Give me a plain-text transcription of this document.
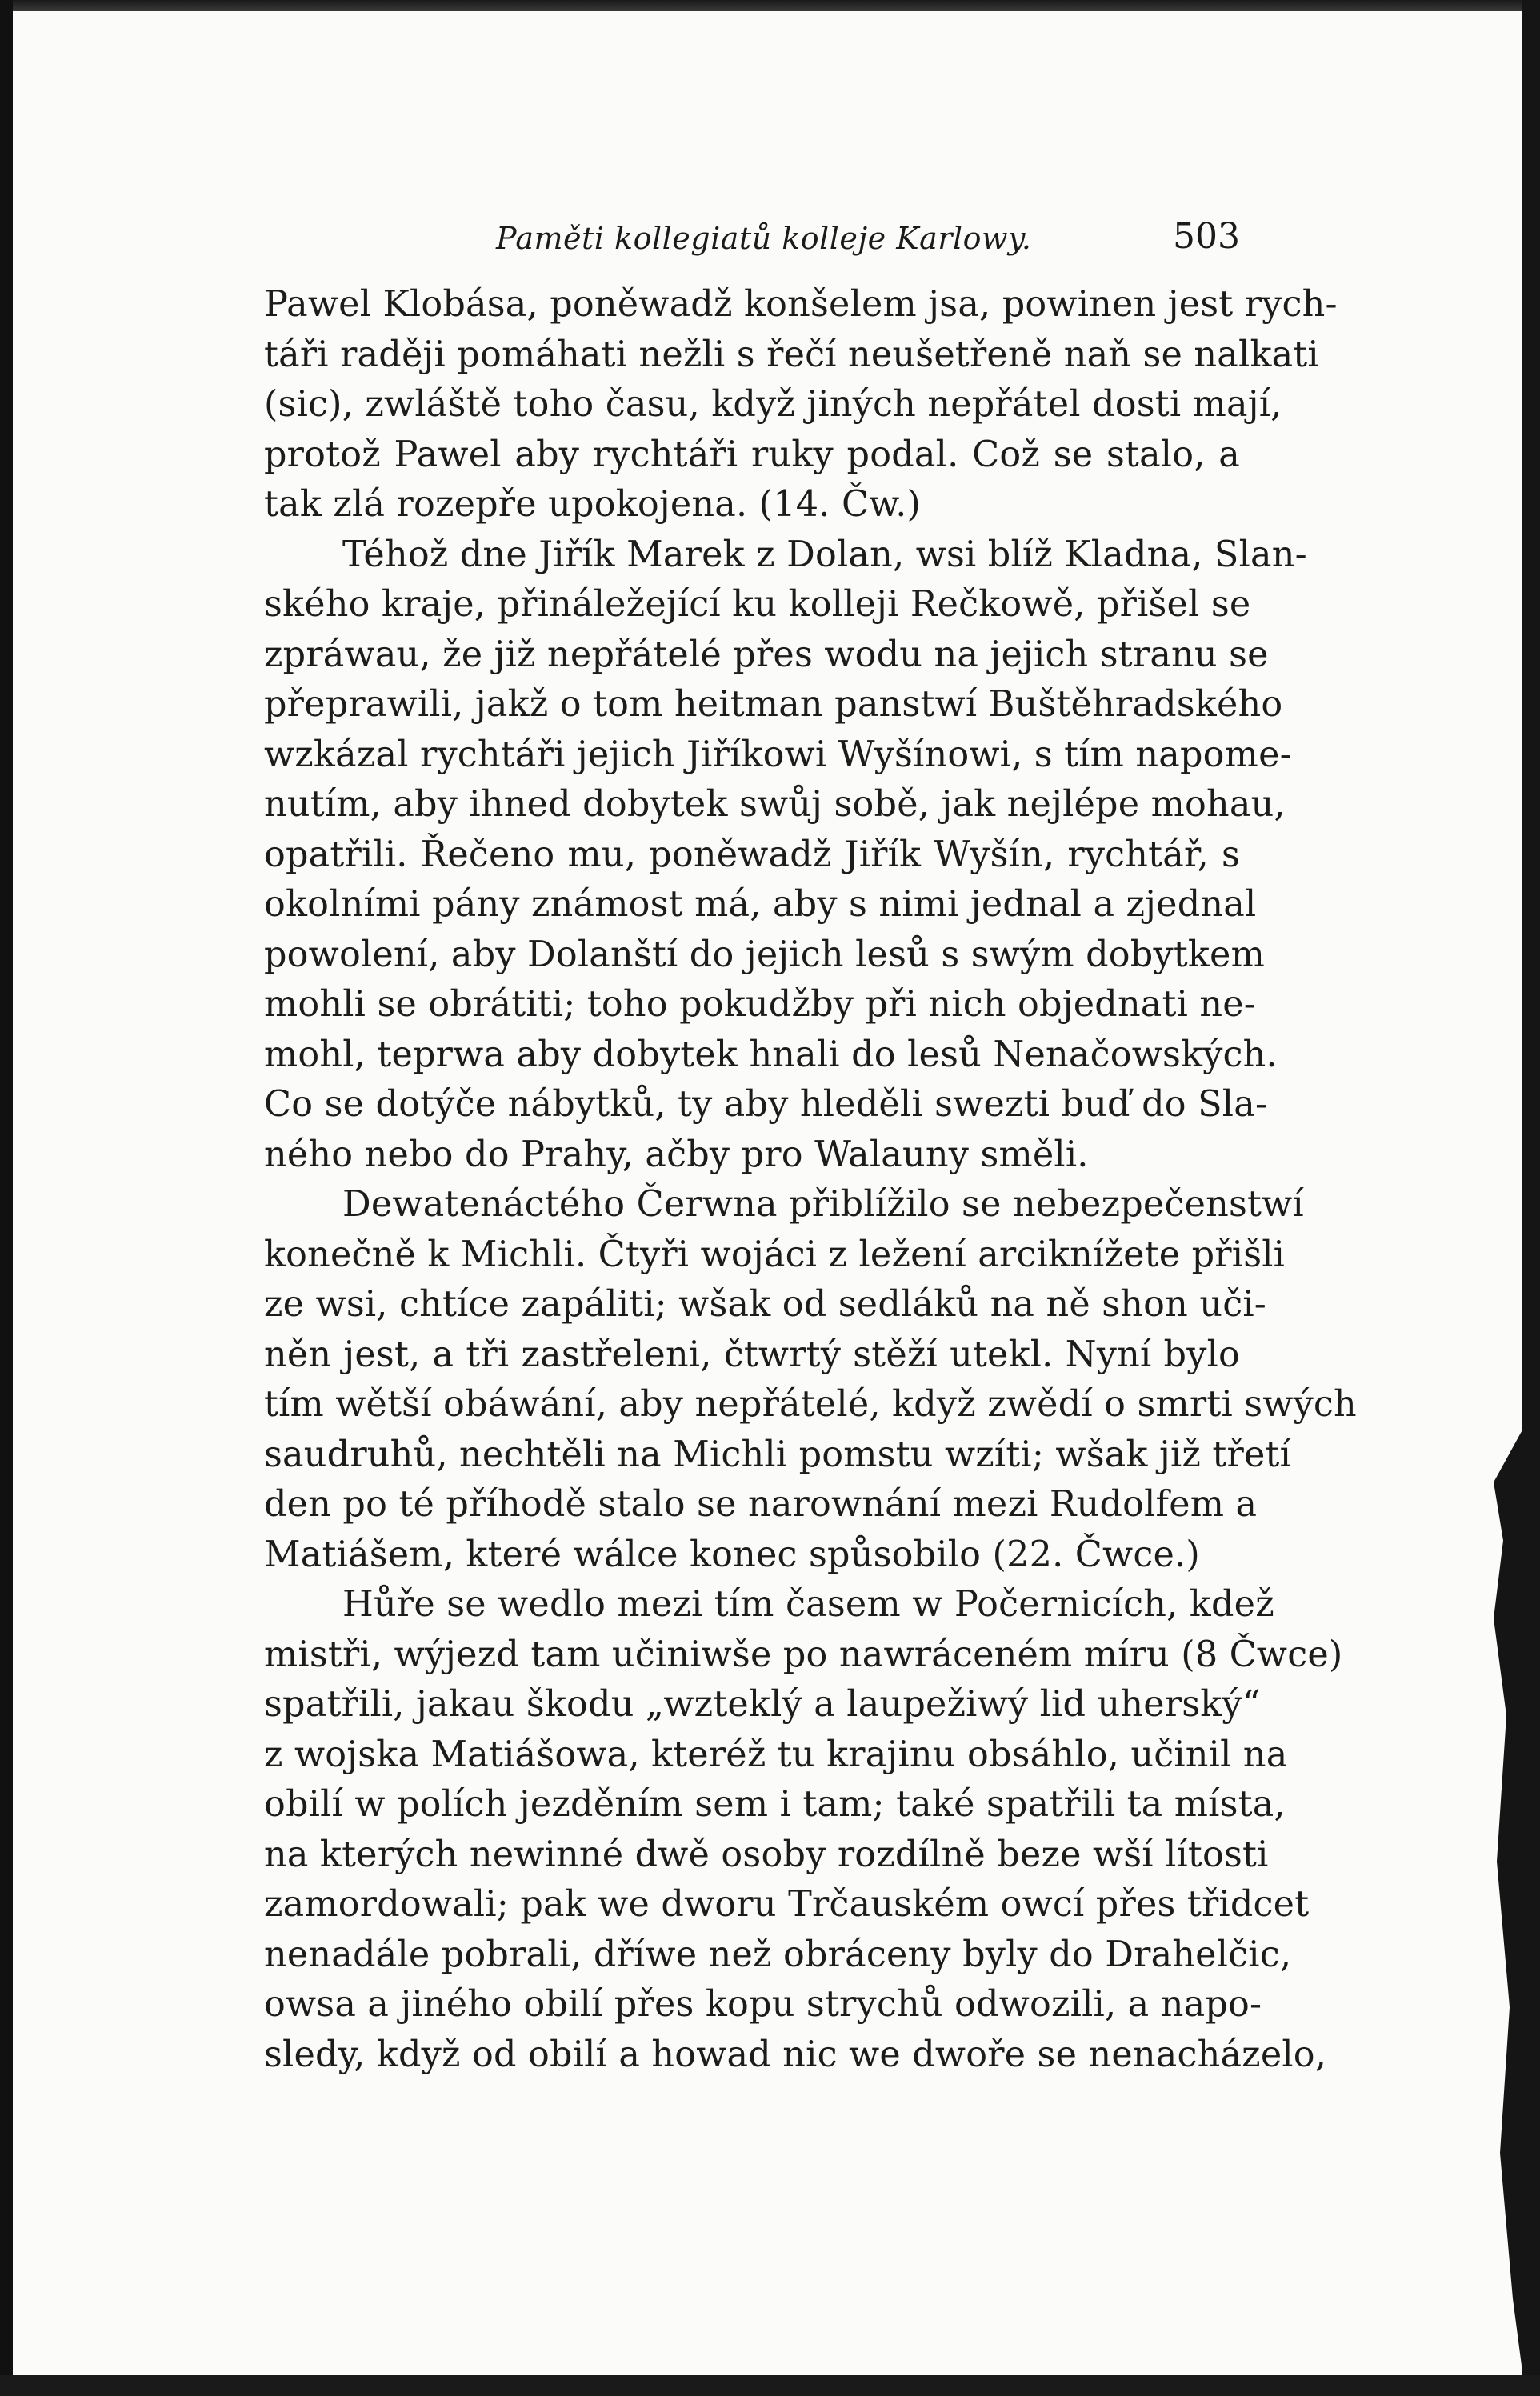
Paměti kollegiatů kolleje Karlowy.	503
Pawel Klobása, poněwadž konšelem jsa, powinen jest rych-
táři raději pomáhati nežli s řečí neušetřeně naň se nalkati
(sic), zwláště toho času, když jiných nepřátel dosti mají,
protož Pawel aby rychtáři ruky podal. Což se stalo, a
tak zlá rozepře upokojena. (14. Čw.)
Téhož dne Jiřík Marek z Dolan, wsi blíž Kladna, Slan-
ského kraje, přináležející ku kolleji Rečkowě, přišel se
zpráwau, že již nepřátelé přes wodu na jejich stranu se
přeprawili, jakž o tom heitman panstwí Buštěhradského
wzkázal rychtáři jejich Jiříkowi Wyšínowi, s tím napome-
nutím, aby ihned dobytek swůj sobě, jak nejlépe mohau,
opatřili. Řečeno mu, poněwadž Jiřík Wyšín, rychtář, s
okolními pány známost má, aby s nimi jednal a zjednal
powolení, aby Dolanští do jejich lesů s swým dobytkem
mohli se obrátiti; toho pokudžby při nich objednati ne-
mohl, teprwa aby dobytek hnali do lesů Nenačowských.
Co se dotýče nábytků, ty aby hleděli swezti buď do Sla-
ného nebo do Prahy, ačby pro Walauny směli.
Dewatenáctého Čerwna přiblížilo se nebezpečenstwí
konečně k Michli. Čtyři wojáci z ležení arciknížete přišli
ze wsi, chtíce zapáliti; wšak od sedláků na ně shon uči-
něn jest, a tři zastřeleni, čtwrtý stěží utekl. Nyní bylo
tím wětší obáwání, aby nepřátelé, když zwědí o smrti swých
saudruhů, nechtěli na Michli pomstu wzíti; wšak již třetí
den po té příhodě stalo se narownání mezi Rudolfem a
Matiášem, které wálce konec spůsobilo (22. Čwce.)
Hůře se wedlo mezi tím časem w Počernicích, kdež
mistři, wýjezd tam učiniwše po nawráceném míru (8 Čwce)
spatřili, jakau škodu „wzteklý a laupežiwý lid uherský“
z wojska Matiášowa, kteréž tu krajinu obsáhlo, učinil na
obilí w polích jezděním sem i tam; také spatřili ta místa,
na kterých newinné dwě osoby rozdílně beze wší lítosti
zamordowali; pak we dworu Trčauském owcí přes třidcet
nenadále pobrali, dříwe než obráceny byly do Drahelčic,
owsa a jiného obilí přes kopu strychů odwozili, a napo-
sledy, když od obilí a howad nic we dwoře se nenacházelo,
